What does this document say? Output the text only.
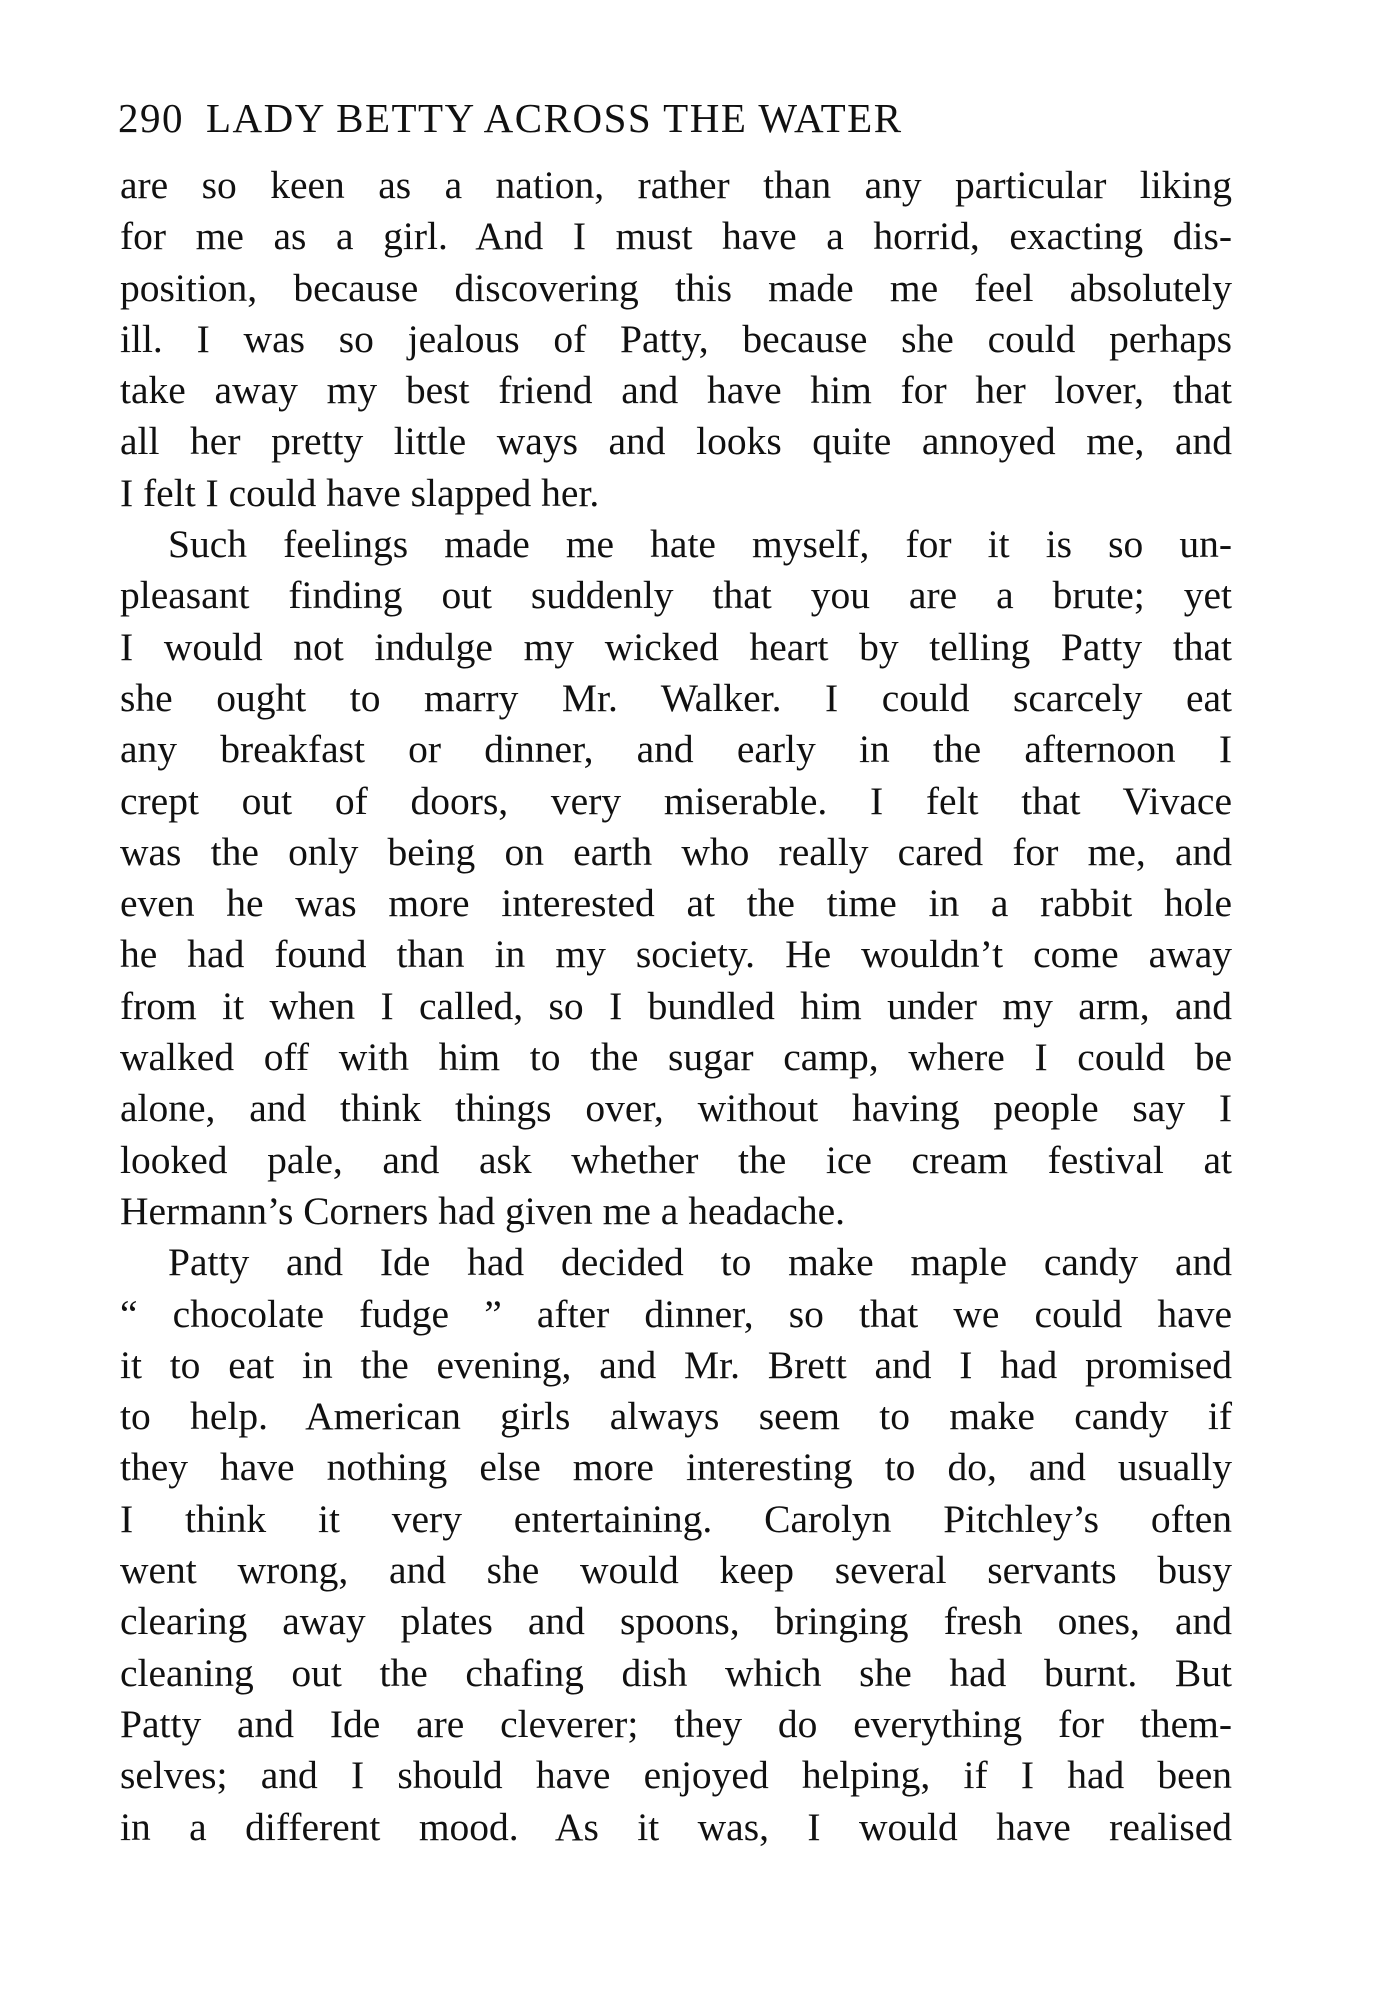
290 LADY BETTY ACROSS THE WATER
are so keen as a nation, rather than any particular liking
for me as a girl. And I must have a horrid, exacting dis-
position, because discovering this made me feel absolutely
ill. I was so jealous of Patty, because she could perhaps
take away my best friend and have him for her lover, that
all her pretty little ways and looks quite annoyed me, and
I felt I could have slapped her.
Such feelings made me hate myself, for it is so un-
pleasant finding out suddenly that you are a brute; yet
I would not indulge my wicked heart by telling Patty that
she ought to marry Mr. Walker. I could scarcely eat
any breakfast or dinner, and early in the afternoon I
crept out of doors, very miserable. I felt that Vivace
was the only being on earth who really cared for me, and
even he was more interested at the time in a rabbit hole
he had found than in my society. He wouldn’t come away
from it when I called, so I bundled him under my arm, and
walked off with him to the sugar camp, where I could be
alone, and think things over, without having people say I
looked pale, and ask whether the ice cream festival at
Hermann’s Corners had given me a headache.
Patty and Ide had decided to make maple candy and
“ chocolate fudge ” after dinner, so that we could have
it to eat in the evening, and Mr. Brett and I had promised
to help. American girls always seem to make candy if
they have nothing else more interesting to do, and usually
I think it very entertaining. Carolyn Pitchley’s often
went wrong, and she would keep several servants busy
clearing away plates and spoons, bringing fresh ones, and
cleaning out the chafing dish which she had burnt. But
Patty and Ide are cleverer; they do everything for them-
selves; and I should have enjoyed helping, if I had been
in a different mood. As it was, I would have realised
